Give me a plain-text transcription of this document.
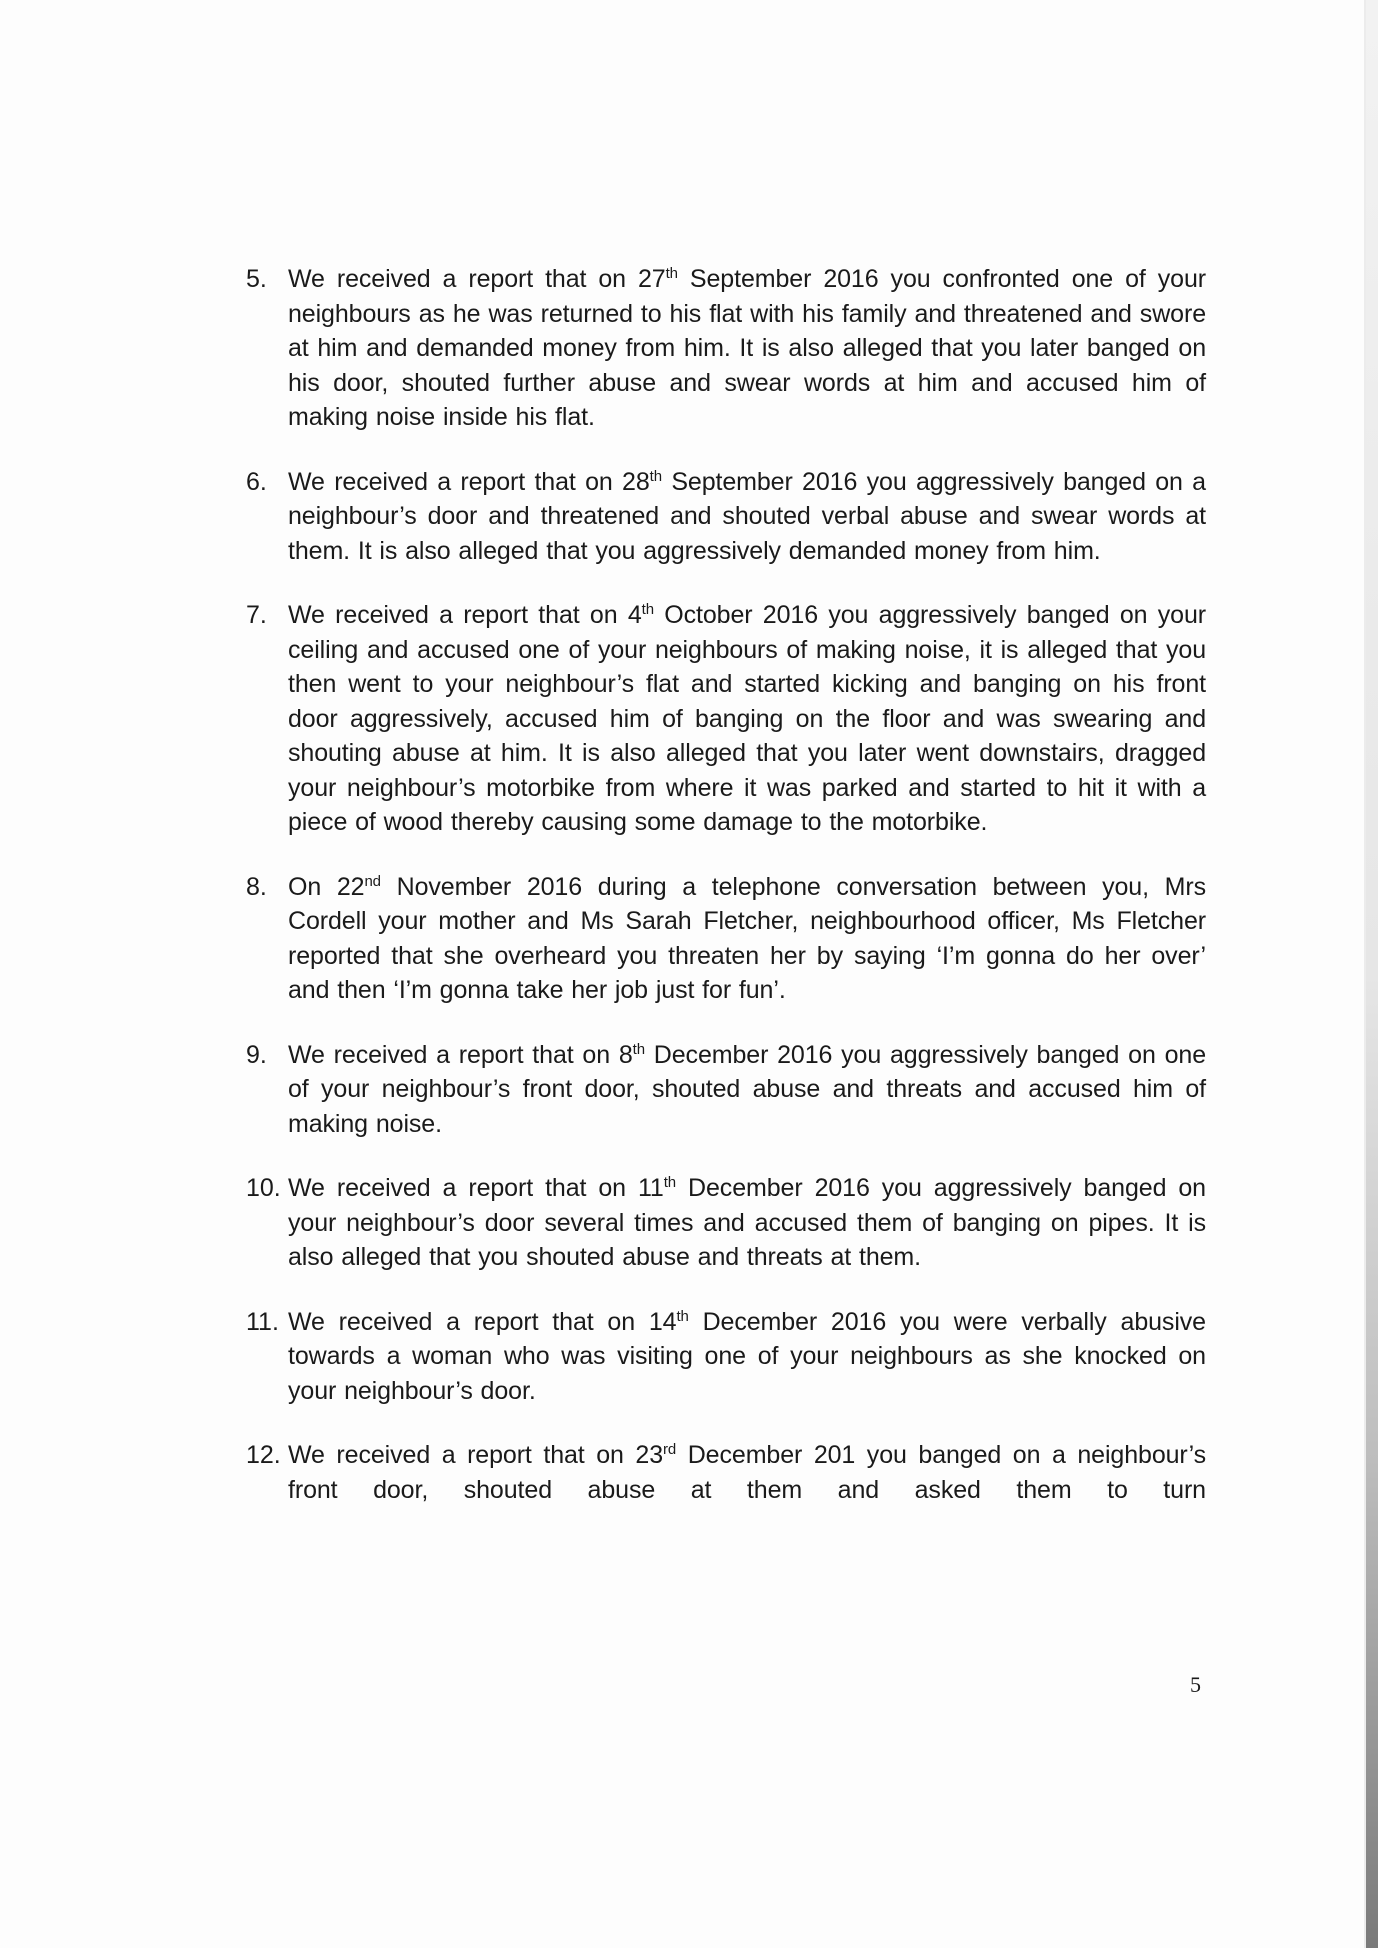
5. We received a report that on 27th September 2016 you confronted one of your neighbours as he was returned to his flat with his family and threatened and swore at him and demanded money from him. It is also alleged that you later banged on his door, shouted further abuse and swear words at him and accused him of making noise inside his flat.
6. We received a report that on 28th September 2016 you aggressively banged on a neighbour’s door and threatened and shouted verbal abuse and swear words at them. It is also alleged that you aggressively demanded money from him.
7. We received a report that on 4th October 2016 you aggressively banged on your ceiling and accused one of your neighbours of making noise, it is alleged that you then went to your neighbour’s flat and started kicking and banging on his front door aggressively, accused him of banging on the floor and was swearing and shouting abuse at him. It is also alleged that you later went downstairs, dragged your neighbour’s motorbike from where it was parked and started to hit it with a piece of wood thereby causing some damage to the motorbike.
8. On 22nd November 2016 during a telephone conversation between you, Mrs Cordell your mother and Ms Sarah Fletcher, neighbourhood officer, Ms Fletcher reported that she overheard you threaten her by saying ‘I’m gonna do her over’ and then ‘I’m gonna take her job just for fun’.
9. We received a report that on 8th December 2016 you aggressively banged on one of your neighbour’s front door, shouted abuse and threats and accused him of making noise.
10. We received a report that on 11th December 2016 you aggressively banged on your neighbour’s door several times and accused them of banging on pipes. It is also alleged that you shouted abuse and threats at them.
11. We received a report that on 14th December 2016 you were verbally abusive towards a woman who was visiting one of your neighbours as she knocked on your neighbour’s door.
12. We received a report that on 23rd December 201 you banged on a neighbour’s front door, shouted abuse at them and asked them to turn
5
